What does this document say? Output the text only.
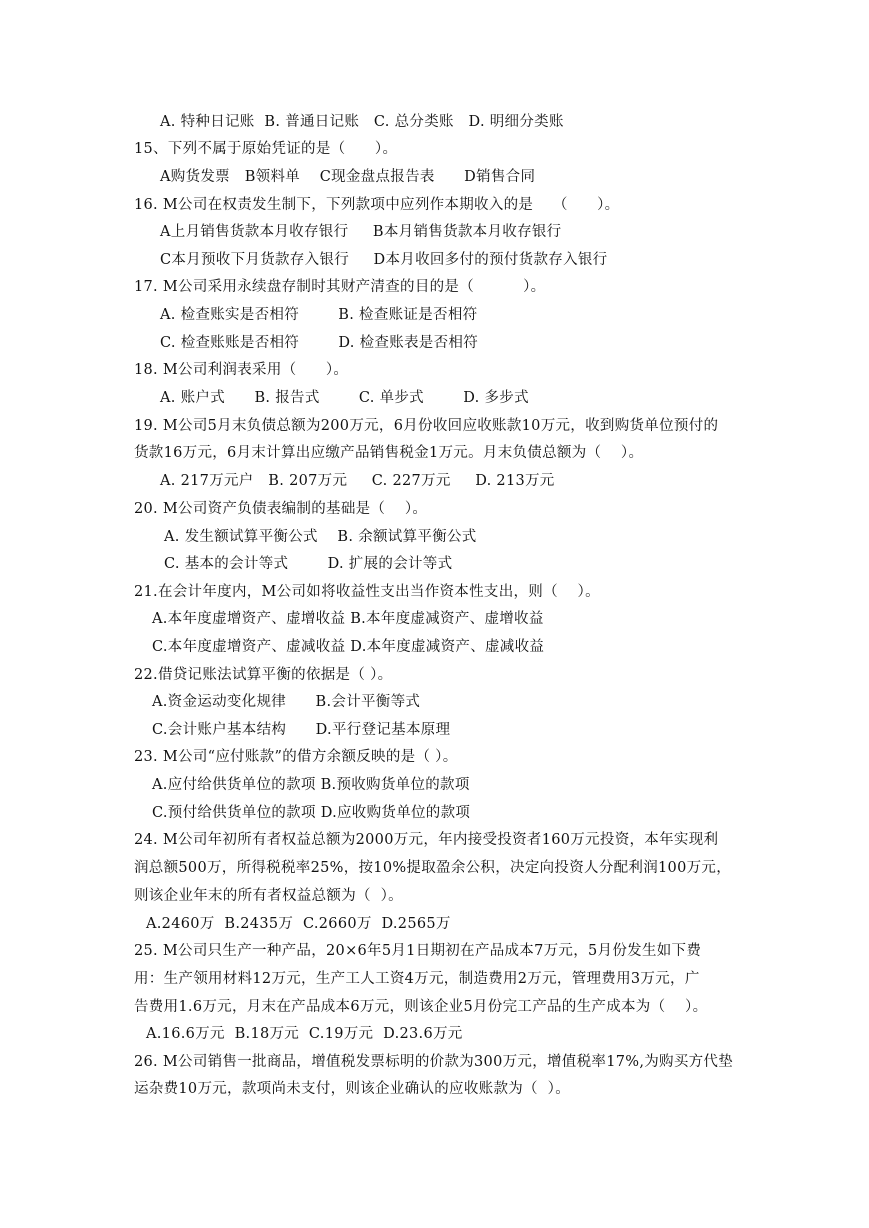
A. 特种日记账  B. 普通日记账   C. 总分类账   D. 明细分类账
15、下列不属于原始凭证的是（      ）。
A购货发票   B领料单    C现金盘点报告表      D销售合同
16. M公司在权责发生制下，下列款项中应列作本期收入的是    （      ）。
A上月销售货款本月收存银行     B本月销售货款本月收存银行
C本月预收下月货款存入银行     D本月收回多付的预付货款存入银行
17. M公司采用永续盘存制时其财产清查的目的是（          ）。
A. 检查账实是否相符        B. 检查账证是否相符
C. 检查账账是否相符        D. 检查账表是否相符
18. M公司利润表采用（      ）。
A. 账户式      B. 报告式        C. 单步式        D. 多步式
19. M公司5月末负债总额为200万元，6月份收回应收账款10万元，收到购货单位预付的
货款16万元，6月末计算出应缴产品销售税金1万元。月末负债总额为（    ）。
A. 217万元户   B. 207万元     C. 227万元     D. 213万元
20. M公司资产负债表编制的基础是（    ）。
A. 发生额试算平衡公式    B. 余额试算平衡公式
C. 基本的会计等式        D. 扩展的会计等式
21.在会计年度内，M公司如将收益性支出当作资本性支出，则（    ）。
A.本年度虚增资产、虚增收益 B.本年度虚减资产、虚增收益
C.本年度虚增资产、虚减收益 D.本年度虚减资产、虚减收益
22.借贷记账法试算平衡的依据是（ ）。
A.资金运动变化规律      B.会计平衡等式
C.会计账户基本结构      D.平行登记基本原理
23. M公司“应付账款”的借方余额反映的是（ ）。
A.应付给供货单位的款项 B.预收购货单位的款项
C.预付给供货单位的款项 D.应收购货单位的款项
24. M公司年初所有者权益总额为2000万元，年内接受投资者160万元投资，本年实现利
润总额500万，所得税税率25%，按10%提取盈余公积，决定向投资人分配利润100万元，
则该企业年末的所有者权益总额为（  ）。
A.2460万  B.2435万  C.2660万  D.2565万
25. M公司只生产一种产品，20×6年5月1日期初在产品成本7万元，5月份发生如下费
用：生产领用材料12万元，生产工人工资4万元，制造费用2万元，管理费用3万元，广
告费用1.6万元，月末在产品成本6万元，则该企业5月份完工产品的生产成本为（    ）。
A.16.6万元  B.18万元  C.19万元  D.23.6万元
26. M公司销售一批商品，增值税发票标明的价款为300万元，增值税率17%,为购买方代垫
运杂费10万元，款项尚未支付，则该企业确认的应收账款为（  ）。
